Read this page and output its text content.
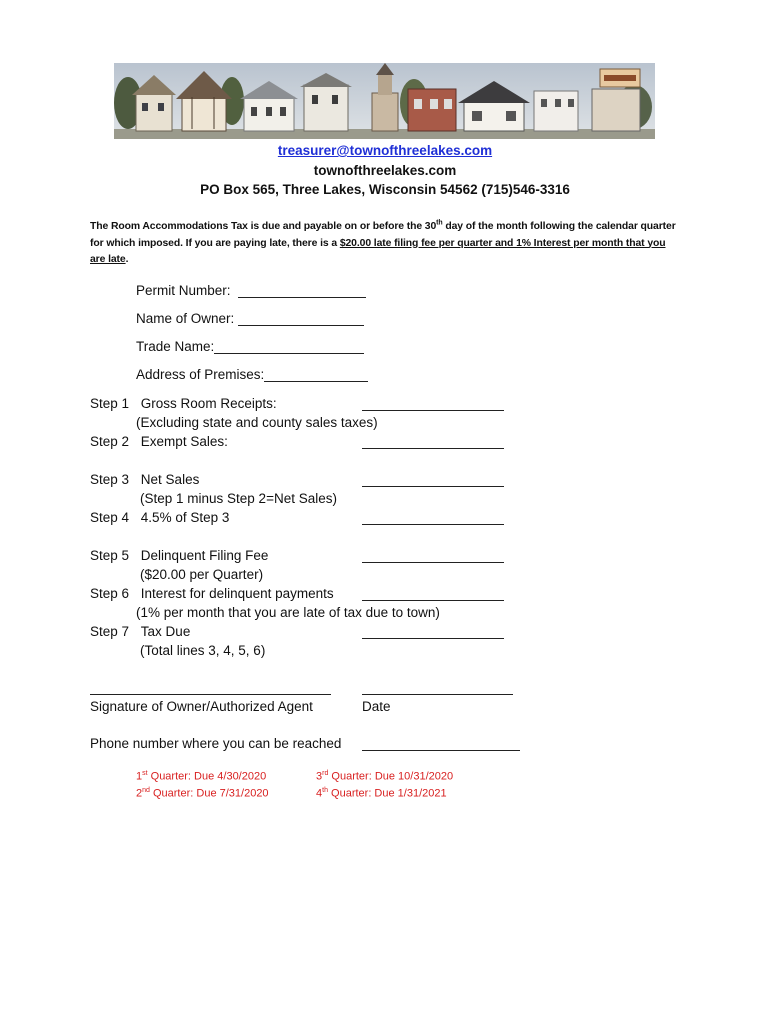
treasurer@townofthreelakes.com
townofthreelakes.com
PO Box 565, Three Lakes, Wisconsin 54562 (715)546-3316
The Room Accommodations Tax is due and payable on or before the 30th day of the month following the calendar quarter for which imposed. If you are paying late, there is a $20.00 late filing fee per quarter and 1% Interest per month that you are late.
Permit Number:
Name of Owner:
Trade Name:
Address of Premises:
Step 1 Gross Room Receipts:
(Excluding state and county sales taxes)
Step 2 Exempt Sales:
Step 3 Net Sales
(Step 1 minus Step 2=Net Sales)
Step 4 4.5% of Step 3
Step 5 Delinquent Filing Fee
($20.00 per Quarter)
Step 6 Interest for delinquent payments
(1% per month that you are late of tax due to town)
Step 7 Tax Due
(Total lines 3, 4, 5, 6)
Signature of Owner/Authorized Agent	Date
Phone number where you can be reached
1st Quarter: Due 4/30/2020
2nd Quarter: Due 7/31/2020
3rd Quarter: Due 10/31/2020
4th Quarter: Due 1/31/2021
